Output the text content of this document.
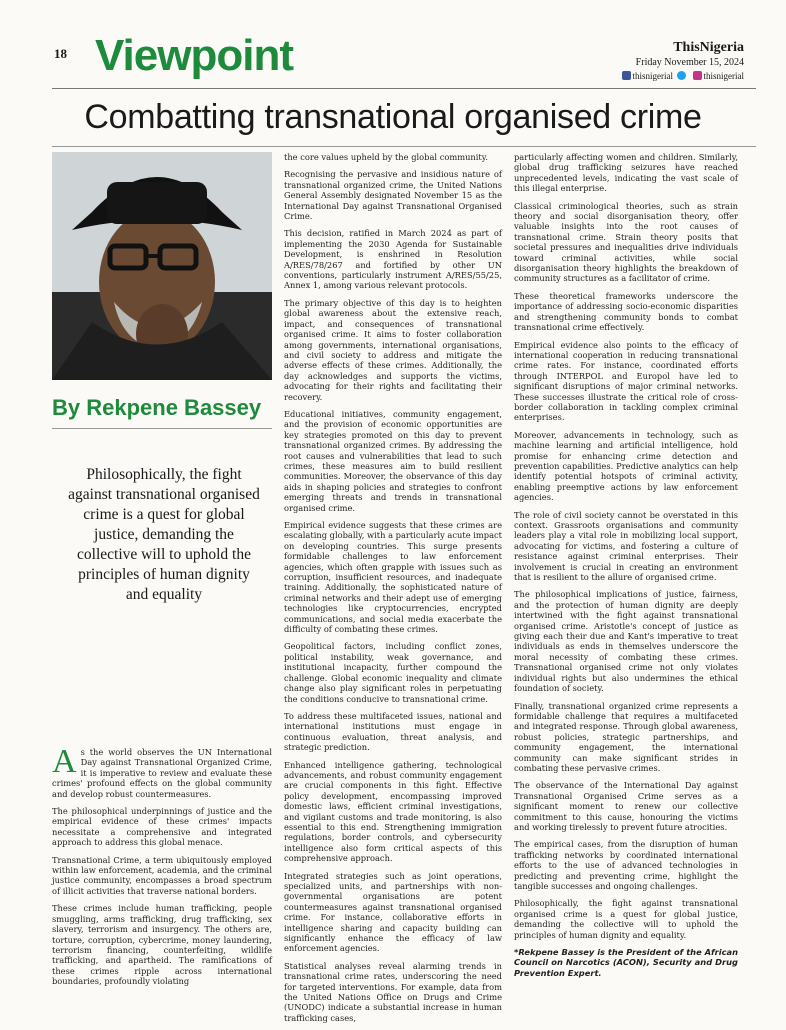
18 Viewpoint	ThisNigeria
Friday November 15, 2024
thisnigerial	thisnigerial
Combatting transnational organised crime
By Rekpene Bassey
Philosophically, the fight against transnational organised crime is a quest for global justice, demanding the collective will to uphold the principles of human dignity and equality

As the world observes the UN International Day against Transnational Organized Crime, it is imperative to review and evaluate these crimes' profound effects on the global community and develop robust countermeasures.

The philosophical underpinnings of justice and the empirical evidence of these crimes' impacts necessitate a comprehensive and integrated approach to address this global menace.

Transnational Crime, a term ubiquitously employed within law enforcement, academia, and the criminal justice community, encompasses a broad spectrum of illicit activities that traverse national borders.

These crimes include human trafficking, people smuggling, arms trafficking, drug trafficking, sex slavery, terrorism and insurgency. The others are, torture, corruption, cybercrime, money laundering, terrorism financing, counterfeiting, wildlife trafficking, and apartheid. The ramifications of these crimes ripple across international boundaries, profoundly violating

the core values upheld by the global community.

Recognising the pervasive and insidious nature of transnational organized crime, the United Nations General Assembly designated November 15 as the International Day against Transnational Organised Crime.

This decision, ratified in March 2024 as part of implementing the 2030 Agenda for Sustainable Development, is enshrined in Resolution A/RES/78/267 and fortified by other UN conventions, particularly instrument A/RES/55/25, Annex 1, among various relevant protocols.

The primary objective of this day is to heighten global awareness about the extensive reach, impact, and consequences of transnational organised crime. It aims to foster collaboration among governments, international organisations, and civil society to address and mitigate the adverse effects of these crimes. Additionally, the day acknowledges and supports the victims, advocating for their rights and facilitating their recovery.

Educational initiatives, community engagement, and the provision of economic opportunities are key strategies promoted on this day to prevent transnational organized crimes. By addressing the root causes and vulnerabilities that lead to such crimes, these measures aim to build resilient communities. Moreover, the observance of this day aids in shaping policies and strategies to confront emerging threats and trends in transnational organised crime.

Empirical evidence suggests that these crimes are escalating globally, with a particularly acute impact on developing countries. This surge presents formidable challenges to law enforcement agencies, which often grapple with issues such as corruption, insufficient resources, and inadequate training. Additionally, the sophisticated nature of criminal networks and their adept use of emerging technologies like cryptocurrencies, encrypted communications, and social media exacerbate the difficulty of combating these crimes.

Geopolitical factors, including conflict zones, political instability, weak governance, and institutional incapacity, further compound the challenge. Global economic inequality and climate change also play significant roles in perpetuating the conditions conducive to transnational crime.

To address these multifaceted issues, national and international institutions must engage in continuous evaluation, threat analysis, and strategic prediction.

Enhanced intelligence gathering, technological advancements, and robust community engagement are crucial components in this fight. Effective policy development, encompassing improved domestic laws, efficient criminal investigations, and vigilant customs and trade monitoring, is also essential to this end. Strengthening immigration regulations, border controls, and cybersecurity intelligence also form critical aspects of this comprehensive approach.

Integrated strategies such as joint operations, specialized units, and partnerships with non-governmental organisations are potent countermeasures against transnational organised crime. For instance, collaborative efforts in intelligence sharing and capacity building can significantly enhance the efficacy of law enforcement agencies.

Statistical analyses reveal alarming trends in transnational crime rates, underscoring the need for targeted interventions. For example, data from the United Nations Office on Drugs and Crime (UNODC) indicate a substantial increase in human trafficking cases,

particularly affecting women and children. Similarly, global drug trafficking seizures have reached unprecedented levels, indicating the vast scale of this illegal enterprise.

Classical criminological theories, such as strain theory and social disorganisation theory, offer valuable insights into the root causes of transnational crime. Strain theory posits that societal pressures and inequalities drive individuals toward criminal activities, while social disorganisation theory highlights the breakdown of community structures as a facilitator of crime.

These theoretical frameworks underscore the importance of addressing socio-economic disparities and strengthening community bonds to combat transnational crime effectively.

Empirical evidence also points to the efficacy of international cooperation in reducing transnational crime rates. For instance, coordinated efforts through INTERPOL and Europol have led to significant disruptions of major criminal networks. These successes illustrate the critical role of cross-border collaboration in tackling complex criminal enterprises.

Moreover, advancements in technology, such as machine learning and artificial intelligence, hold promise for enhancing crime detection and prevention capabilities. Predictive analytics can help identify potential hotspots of criminal activity, enabling preemptive actions by law enforcement agencies.

The role of civil society cannot be overstated in this context. Grassroots organisations and community leaders play a vital role in mobilizing local support, advocating for victims, and fostering a culture of resistance against criminal enterprises. Their involvement is crucial in creating an environment that is resilient to the allure of organised crime.

The philosophical implications of justice, fairness, and the protection of human dignity are deeply intertwined with the fight against transnational organised crime. Aristotle's concept of justice as giving each their due and Kant's imperative to treat individuals as ends in themselves underscore the moral necessity of combating these crimes. Transnational organised crime not only violates individual rights but also undermines the ethical foundation of society.

Finally, transnational organized crime represents a formidable challenge that requires a multifaceted and integrated response. Through global awareness, robust policies, strategic partnerships, and community engagement, the international community can make significant strides in combating these pervasive crimes.

The observance of the International Day against Transnational Organised Crime serves as a significant moment to renew our collective commitment to this cause, honouring the victims and working tirelessly to prevent future atrocities.

The empirical cases, from the disruption of human trafficking networks by coordinated international efforts to the use of advanced technologies in predicting and preventing crime, highlight the tangible successes and ongoing challenges.

Philosophically, the fight against transnational organised crime is a quest for global justice, demanding the collective will to uphold the principles of human dignity and equality.

*Rekpene Bassey is the President of the African Council on Narcotics (ACON), Security and Drug Prevention Expert.
